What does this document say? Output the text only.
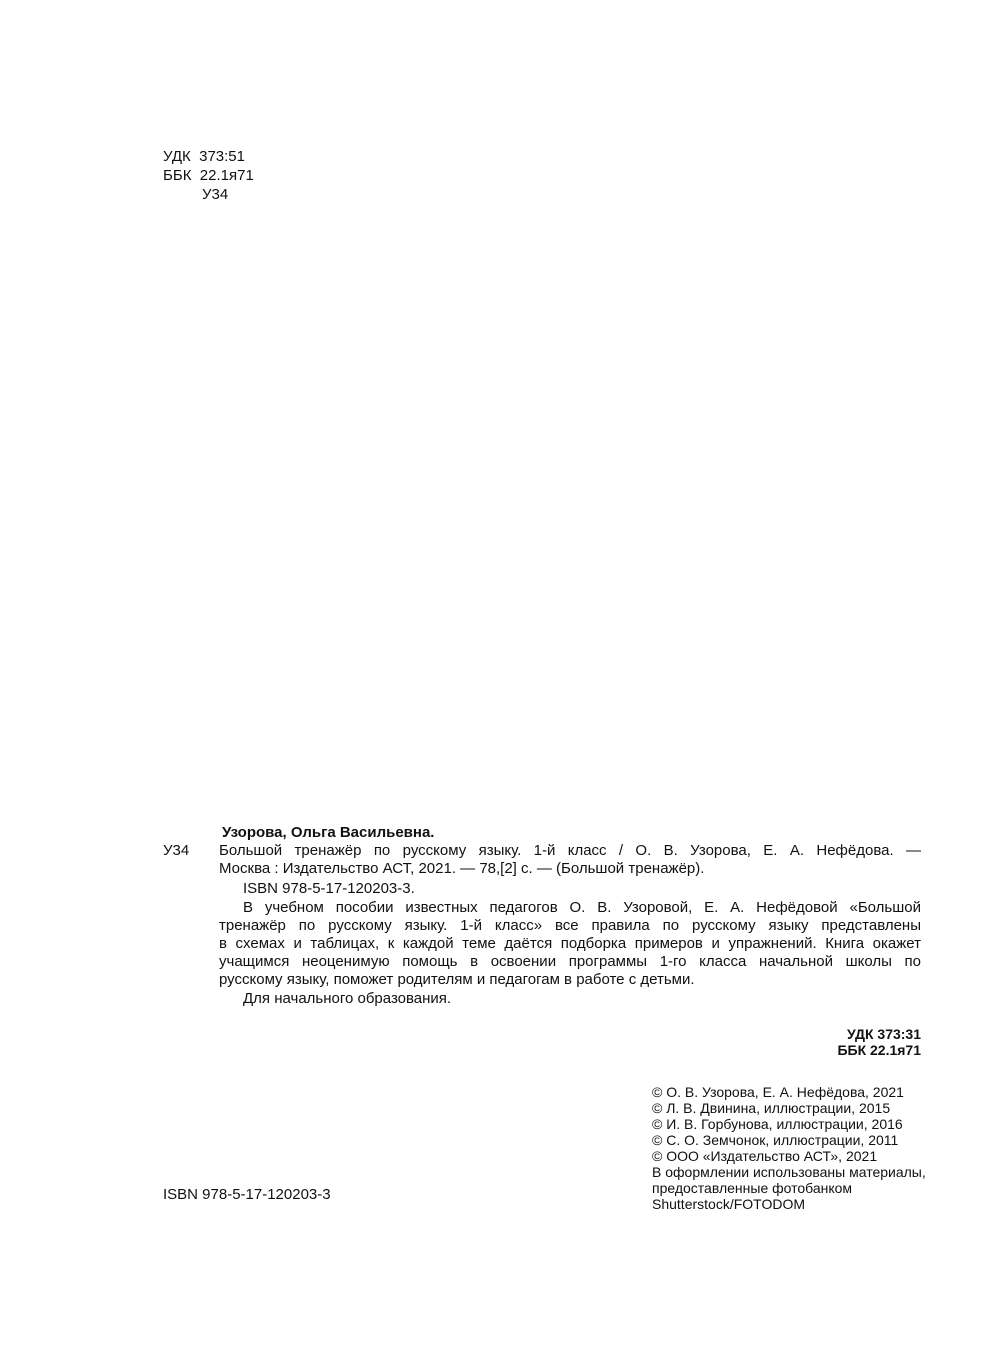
УДК 373:51
ББК 22.1я71
У34
Узорова, Ольга Васильевна.
У34 Большой тренажёр по русскому языку. 1-й класс / О. В. Узорова, Е. А. Нефёдова. —
Москва : Издательство АСТ, 2021. — 78,[2] с. — (Большой тренажёр).
ISBN 978-5-17-120203-3.
В учебном пособии известных педагогов О. В. Узоровой, Е. А. Нефёдовой «Большой
тренажёр по русскому языку. 1-й класс» все правила по русскому языку представлены
в схемах и таблицах, к каждой теме даётся подборка примеров и упражнений. Книга окажет
учащимся неоценимую помощь в освоении программы 1-го класса начальной школы по
русскому языку, поможет родителям и педагогам в работе с детьми.
Для начального образования.
УДК 373:31
ББК 22.1я71
© О. В. Узорова, Е. А. Нефёдова, 2021
© Л. В. Двинина, иллюстрации, 2015
© И. В. Горбунова, иллюстрации, 2016
© С. О. Земчонок, иллюстрации, 2011
© ООО «Издательство АСТ», 2021
В оформлении использованы материалы,
предоставленные фотобанком
Shutterstock/FOTODOM
ISBN 978-5-17-120203-3
